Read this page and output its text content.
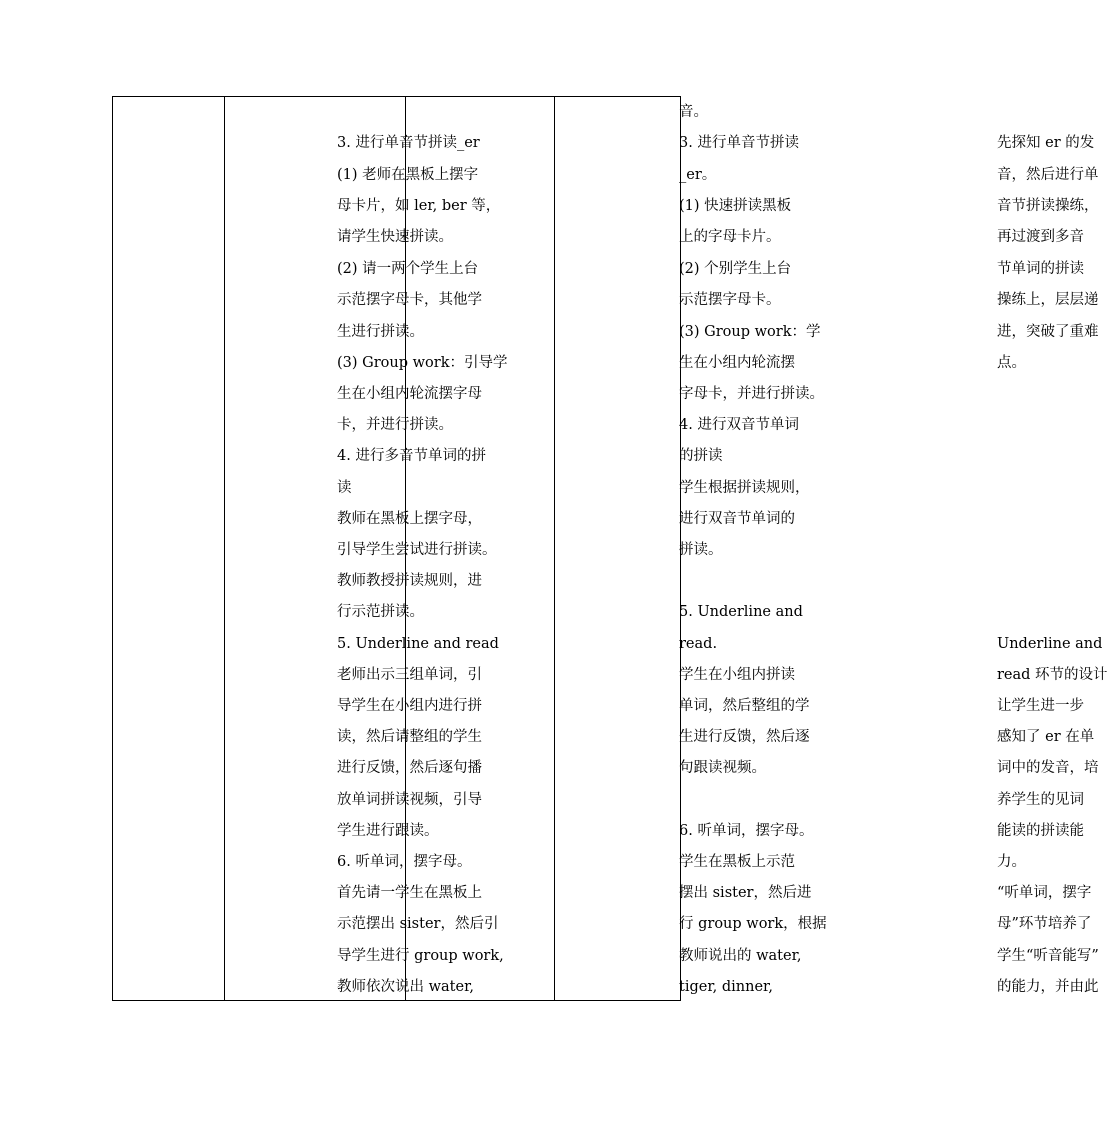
3. 进行单音节拼读_er
(1) 老师在黑板上摆字
母卡片，如 ler, ber 等，
请学生快速拼读。
(2) 请一两个学生上台
示范摆字母卡，其他学
生进行拼读。
(3) Group work：引导学
生在小组内轮流摆字母
卡，并进行拼读。
4. 进行多音节单词的拼
读
教师在黑板上摆字母，
引导学生尝试进行拼读。
教师教授拼读规则，进
行示范拼读。
5. Underline and read
老师出示三组单词，引
导学生在小组内进行拼
读，然后请整组的学生
进行反馈，然后逐句播
放单词拼读视频，引导
学生进行跟读。
6. 听单词，摆字母。
首先请一学生在黑板上
示范摆出 sister，然后引
导学生进行 group work,
教师依次说出 water,
音。
3. 进行单音节拼读
_er。
(1) 快速拼读黑板
上的字母卡片。
(2) 个别学生上台
示范摆字母卡。
(3) Group work：学
生在小组内轮流摆
字母卡，并进行拼读。
4. 进行双音节单词
的拼读
学生根据拼读规则，
进行双音节单词的
拼读。
5. Underline and
read.
学生在小组内拼读
单词，然后整组的学
生进行反馈，然后逐
句跟读视频。
6. 听单词，摆字母。
学生在黑板上示范
摆出 sister，然后进
行 group work，根据
教师说出的 water,
tiger, dinner,
先探知 er 的发
音，然后进行单
音节拼读操练，
再过渡到多音
节单词的拼读
操练上，层层递
进，突破了重难
点。
Underline and
read 环节的设计
让学生进一步
感知了 er 在单
词中的发音，培
养学生的见词
能读的拼读能
力。
“听单词，摆字
母”环节培养了
学生“听音能写”
的能力，并由此
